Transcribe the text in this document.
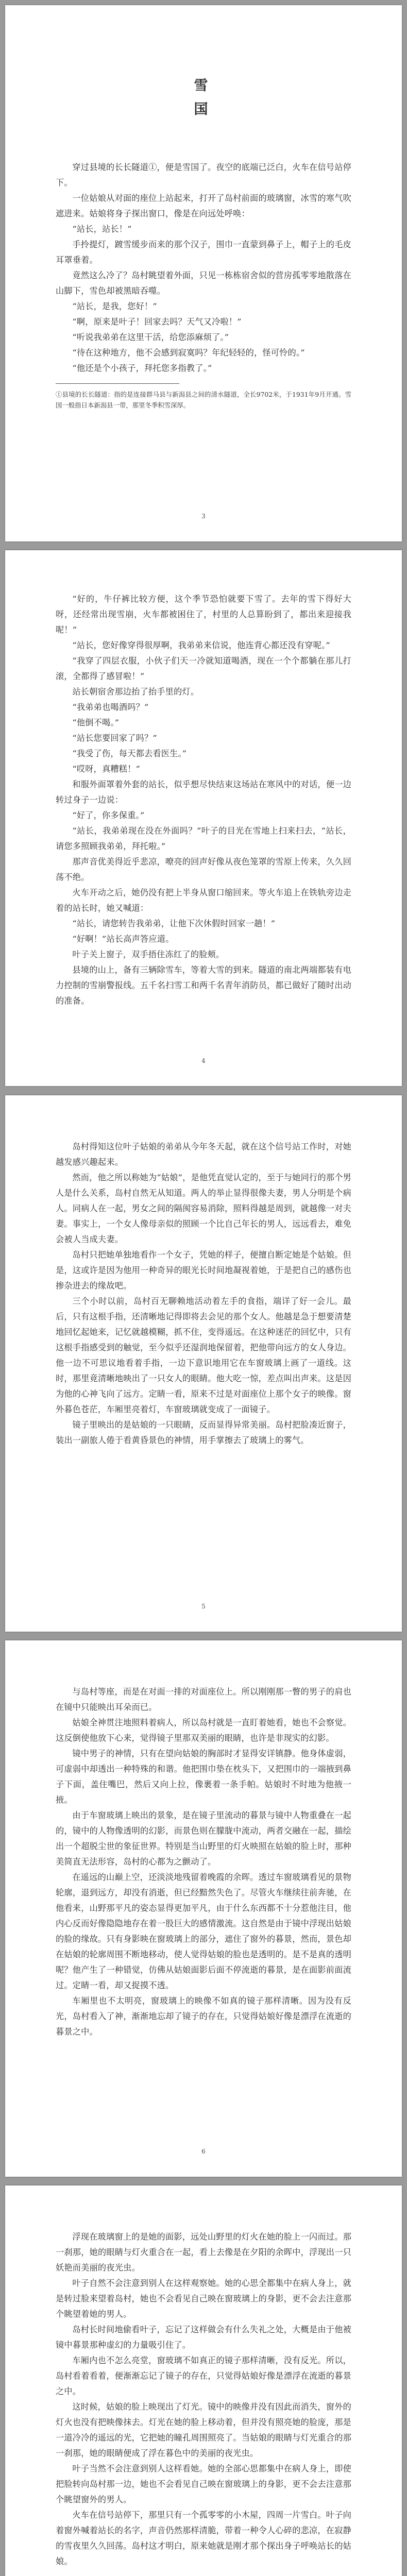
雪
国

穿过县境的长长隧道①，便是雪国了。夜空的底端已泛白，火车在信号站停下。

一位姑娘从对面的座位上站起来，打开了岛村前面的玻璃窗，冰雪的寒气吹遮进来。姑娘将身子探出窗口，像是在向远处呼唤：

“站长，站长！”

手拎提灯，踱雪缓步而来的那个汉子，围巾一直蒙到鼻子上，帽子上的毛皮耳罩垂着。

竟然这么冷了？岛村眺望着外面，只见一栋栋宿舍似的营房孤零零地散落在山脚下，雪色却被黑暗吞噬。

“站长，是我，您好！”

“啊，原来是叶子！回家去吗？天气又冷啦！”

“听说我弟弟在这里干活，给您添麻烦了。”

“待在这种地方，他不会感到寂寞吗？年纪轻轻的，怪可怜的。”

“他还是个小孩子，拜托您多指教了。”

①县境的长长隧道：指的是连接群马县与新潟县之间的清水隧道，全长9702米，于1931年9月开通。雪国一般指日本新潟县一带，那里冬季积雪深厚。

3

“好的，牛仔裤比较方便，这个季节恐怕就要下雪了。去年的雪下得好大呀，还经常出现雪崩，火车都被困住了，村里的人总算盼到了，都出来迎接我呢！”

“站长，您好像穿得很厚啊，我弟弟来信说，他连背心都还没有穿呢。”

“我穿了四层衣服，小伙子们天一冷就知道喝酒，现在一个个都躺在那儿打滚，全都得了感冒啦！”

站长朝宿舍那边抬了抬手里的灯。

“我弟弟也喝酒吗？”

“他倒不喝。”

“站长您要回家了吗？”

“我受了伤，每天都去看医生。”

“哎呀，真糟糕！”

和服外面罩着外套的站长，似乎想尽快结束这场站在寒风中的对话，便一边转过身子一边说：

“好了，你多保重。”

“站长，我弟弟现在没在外面吗？”叶子的目光在雪地上扫来扫去，“站长，请您多照顾我弟弟，拜托啦。”

那声音优美得近乎悲凉，嘹亮的回声好像从夜色笼罩的雪原上传来，久久回荡不绝。

火车开动之后，她仍没有把上半身从窗口缩回来。等火车追上在铁轨旁边走着的站长时，她又喊道：

“站长，请您转告我弟弟，让他下次休假时回家一趟！”

“好啊！”站长高声答应道。

叶子关上窗子，双手捂住冻红了的脸颊。

县境的山上，备有三辆除雪车，等着大雪的到来。隧道的南北两端都装有电力控制的雪崩警报线。五千名扫雪工和两千名青年消防员，都已做好了随时出动的准备。

4

岛村得知这位叶子姑娘的弟弟从今年冬天起，就在这个信号站工作时，对她越发感兴趣起来。

然而，他之所以称她为“姑娘”，是他凭直觉认定的，至于与她同行的那个男人是什么关系，岛村自然无从知道。两人的举止显得很像夫妻，男人分明是个病人。同病人在一起，男女之间的隔阂容易消除，照料得越是周到，就越像一对夫妻。事实上，一个女人像母亲似的照顾一个比自己年长的男人，远远看去，难免会被人当成夫妻。

岛村只把她单独地看作一个女子，凭她的样子，便擅自断定她是个姑娘。但是，这或许是因为他用一种奇异的眼光长时间地凝视着她，于是把自己的感伤也掺杂进去的缘故吧。

三个小时以前，岛村百无聊赖地活动着左手的食指，端详了好一会儿。最后，只有这根手指，还清晰地记得即将去会见的那个女人。他越是急于想要清楚地回忆起她来，记忆就越模糊，抓不住，变得遥远。在这种迷茫的回忆中，只有这根手指感受到的触觉，至今似乎还湿润地保留着，把他带向远方的女人身边。他一边不可思议地看着手指，一边下意识地用它在车窗玻璃上画了一道线。这时，那里竟清晰地映出了一只女人的眼睛。他大吃一惊，差点叫出声来。这是因为他的心神飞向了远方。定睛一看，原来不过是对面座位上那个女子的映像。窗外暮色苍茫，车厢里亮着灯，车窗玻璃就变成了一面镜子。

镜子里映出的是姑娘的一只眼睛，反而显得异常美丽。岛村把脸凑近窗子，装出一副旅人倦于看黄昏景色的神情，用手掌擦去了玻璃上的雾气。

5

与岛村等座，而是在对面一排的对面座位上。所以刚刚那一瞥的男子的肩也在镜中只能映出耳朵而已。

姑娘全神贯注地照料着病人，所以岛村就是一直盯着她看，她也不会察觉。这反倒使他放下心来，觉得镜子里那双美丽的眼睛，也许是非现实的幻影。

镜中男子的神情，只有在望向姑娘的胸部时才显得安详镇静。他身体虚弱，可虚弱中却透出一种特殊的和谐。他把围巾垫在枕头下，又把围巾的一端掖到鼻子下面，盖住嘴巴，然后又向上拉，像裹着一条手帕。姑娘时不时地为他掖一掖。

由于车窗玻璃上映出的景象，是在镜子里流动的暮景与镜中人物重叠在一起的，镜中的人物像透明的幻影，而景色则在朦胧中流动，两者交融在一起，描绘出一个超脱尘世的象征世界。特别是当山野里的灯火映照在姑娘的脸上时，那种美简直无法形容，岛村的心都为之颤动了。

在遥远的山巅上空，还淡淡地残留着晚霞的余晖。透过车窗玻璃看见的景物轮廓，退到远方，却没有消逝，但已经黯然失色了。尽管火车继续往前奔驰，在他看来，山野那平凡的姿态显得更加平凡，由于什么东西都不十分惹他注目，他内心反而好像隐隐地存在着一股巨大的感情激流。这自然是由于镜中浮现出姑娘的脸的缘故。只有身影映在窗玻璃上的部分，遮住了窗外的暮景，然而，景色却在姑娘的轮廓周围不断地移动，使人觉得姑娘的脸也是透明的。是不是真的透明呢？他产生了一种错觉，仿佛从姑娘面影后面不停流逝的暮景，是在面影前面流过。定睛一看，却又捉摸不透。

车厢里也不太明亮，窗玻璃上的映像不如真的镜子那样清晰。因为没有反光，岛村看入了神，渐渐地忘却了镜子的存在，只觉得姑娘好像是漂浮在流逝的暮景之中。

6

浮现在玻璃窗上的是她的面影，远处山野里的灯火在她的脸上一闪而过。那一刹那，她的眼睛与灯火重合在一起，看上去像是在夕阳的余晖中，浮现出一只妖艳而美丽的夜光虫。

叶子自然不会注意到别人在这样观察她。她的心思全都集中在病人身上，就是转过脸来望着岛村，她也不会看见自己映在窗玻璃上的身影，更不会去注意那个眺望着她的男人。

岛村长时间地偷看叶子，忘记了这样做会有什么失礼之处，大概是由于他被镜中暮景那种虚幻的力量吸引住了。

车厢内也不怎么亮堂，窗玻璃不如真正的镜子那样清晰，没有反光。所以，岛村看着看着，便渐渐忘记了镜子的存在，只觉得姑娘好像是漂浮在流逝的暮景之中。

这时候，姑娘的脸上映现出了灯光。镜中的映像并没有因此而消失，窗外的灯火也没有把映像抹去。灯光在她的脸上移动着，但并没有照亮她的脸庞，那是一道冷冷的遥远的光，它把她的瞳孔周围照亮了。当姑娘的眼睛与灯光重合的那一刹那，她的眼睛便成了浮在暮色中的美丽的夜光虫。

叶子当然不会注意到别人这样看她。她的全部心思都集中在病人身上，即使把脸转向岛村那一边，她也不会看见自己映在窗玻璃上的身影，更不会去注意那个眺望窗外的男人。

火车在信号站停下，那里只有一个孤零零的小木屋，四周一片雪白。叶子向着窗外喊着站长的名字，声音仍然那样清脆，带着一种令人心碎的悲凉，在寂静的雪夜里久久回荡。岛村这才明白，原来她就是刚才那个探出身子呼唤站长的姑娘。
